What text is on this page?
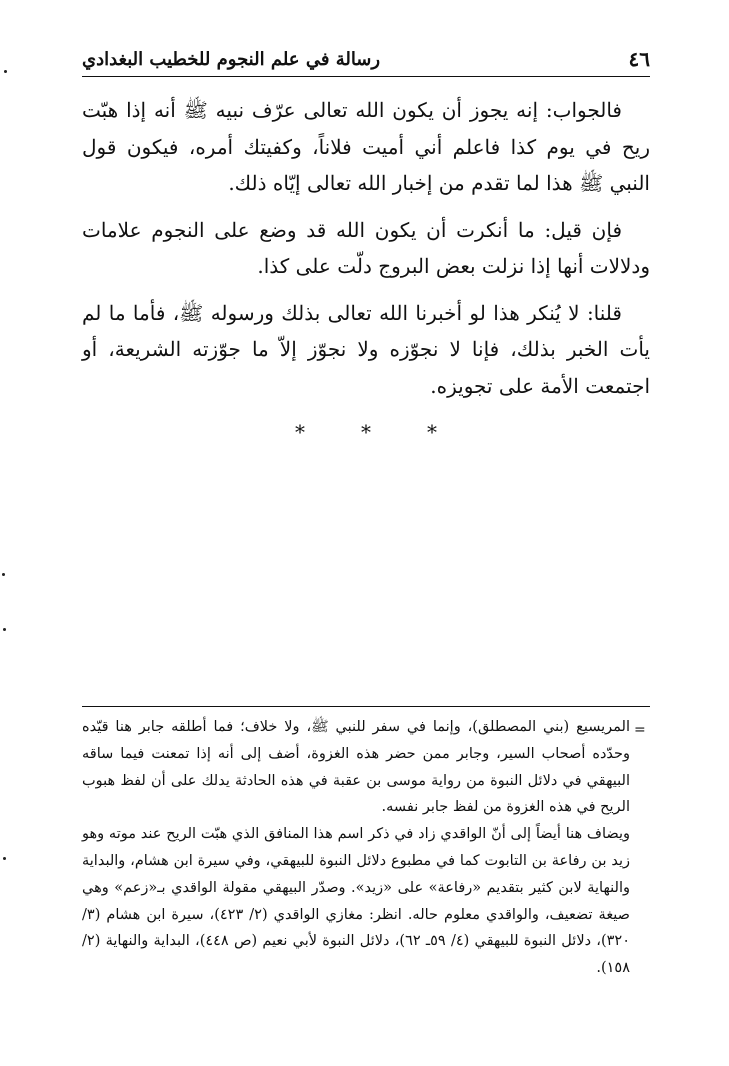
٤٦
رسالة في علم النجوم للخطيب البغدادي

فالجواب: إنه يجوز أن يكون الله تعالى عرّف نبيه ﷺ أنه إذا هبّت ريح في يوم كذا فاعلم أني أميت فلاناً، وكفيتك أمره، فيكون قول النبي ﷺ هذا لما تقدم من إخبار الله تعالى إيّاه ذلك.

فإن قيل: ما أنكرت أن يكون الله قد وضع على النجوم علامات ودلالات أنها إذا نزلت بعض البروج دلّت على كذا.

قلنا: لا يُنكر هذا لو أخبرنا الله تعالى بذلك ورسوله ﷺ، فأما ما لم يأت الخبر بذلك، فإنا لا نجوّزه ولا نجوّز إلاّ ما جوّزته الشريعة، أو اجتمعت الأمة على تجويزه.

*
*
*
=

المريسيع (بني المصطلق)، وإنما في سفر للنبي ﷺ، ولا خلاف؛ فما أطلقه جابر هنا قيّده وحدّده أصحاب السير، وجابر ممن حضر هذه الغزوة، أضف إلى أنه إذا تمعنت فيما ساقه البيهقي في دلائل النبوة من رواية موسى بن عقبة في هذه الحادثة يدلك على أن لفظ هبوب الريح في هذه الغزوة من لفظ جابر نفسه.

ويضاف هنا أيضاً إلى أنّ الواقدي زاد في ذكر اسم هذا المنافق الذي هبّت الريح عند موته وهو زيد بن رفاعة بن التابوت كما في مطبوع دلائل النبوة للبيهقي، وفي سيرة ابن هشام، والبداية والنهاية لابن كثير بتقديم «رفاعة» على «زيد». وصدّر البيهقي مقولة الواقدي بـ«زعم» وهي صيغة تضعيف، والواقدي معلوم حاله. انظر: مغازي الواقدي (٢/ ٤٢٣)، سيرة ابن هشام (٣/ ٣٢٠)، دلائل النبوة للبيهقي (٤/ ٥٩ـ ٦٢)، دلائل النبوة لأبي نعيم (ص ٤٤٨)، البداية والنهاية (٢/ ١٥٨).
